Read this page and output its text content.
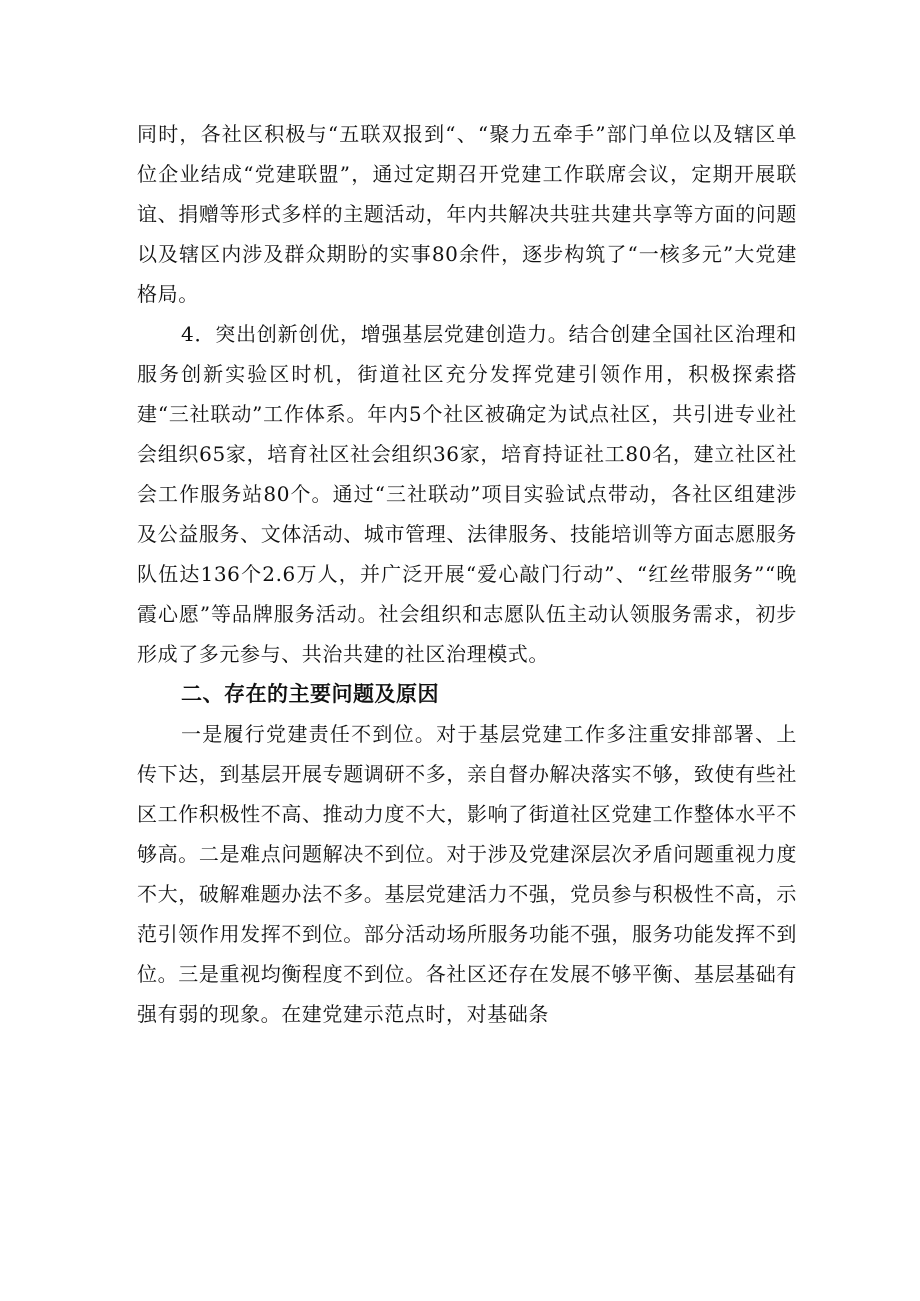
同时，各社区积极与“五联双报到“、“聚力五牵手”部门单位以及辖区单位企业结成“党建联盟”，通过定期召开党建工作联席会议，定期开展联谊、捐赠等形式多样的主题活动，年内共解决共驻共建共享等方面的问题以及辖区内涉及群众期盼的实事80余件，逐步构筑了“一核多元”大党建格局。

4．突出创新创优，增强基层党建创造力。结合创建全国社区治理和服务创新实验区时机，街道社区充分发挥党建引领作用，积极探索搭建“三社联动”工作体系。年内5个社区被确定为试点社区，共引进专业社会组织65家，培育社区社会组织36家，培育持证社工80名，建立社区社会工作服务站80个。通过“三社联动”项目实验试点带动，各社区组建涉及公益服务、文体活动、城市管理、法律服务、技能培训等方面志愿服务队伍达136个2.6万人，并广泛开展“爱心敲门行动”、“红丝带服务”“晚霞心愿”等品牌服务活动。社会组织和志愿队伍主动认领服务需求，初步形成了多元参与、共治共建的社区治理模式。

二、存在的主要问题及原因

一是履行党建责任不到位。对于基层党建工作多注重安排部署、上传下达，到基层开展专题调研不多，亲自督办解决落实不够，致使有些社区工作积极性不高、推动力度不大，影响了街道社区党建工作整体水平不够高。二是难点问题解决不到位。对于涉及党建深层次矛盾问题重视力度不大，破解难题办法不多。基层党建活力不强，党员参与积极性不高，示范引领作用发挥不到位。部分活动场所服务功能不强，服务功能发挥不到位。三是重视均衡程度不到位。各社区还存在发展不够平衡、基层基础有强有弱的现象。在建党建示范点时，对基础条
